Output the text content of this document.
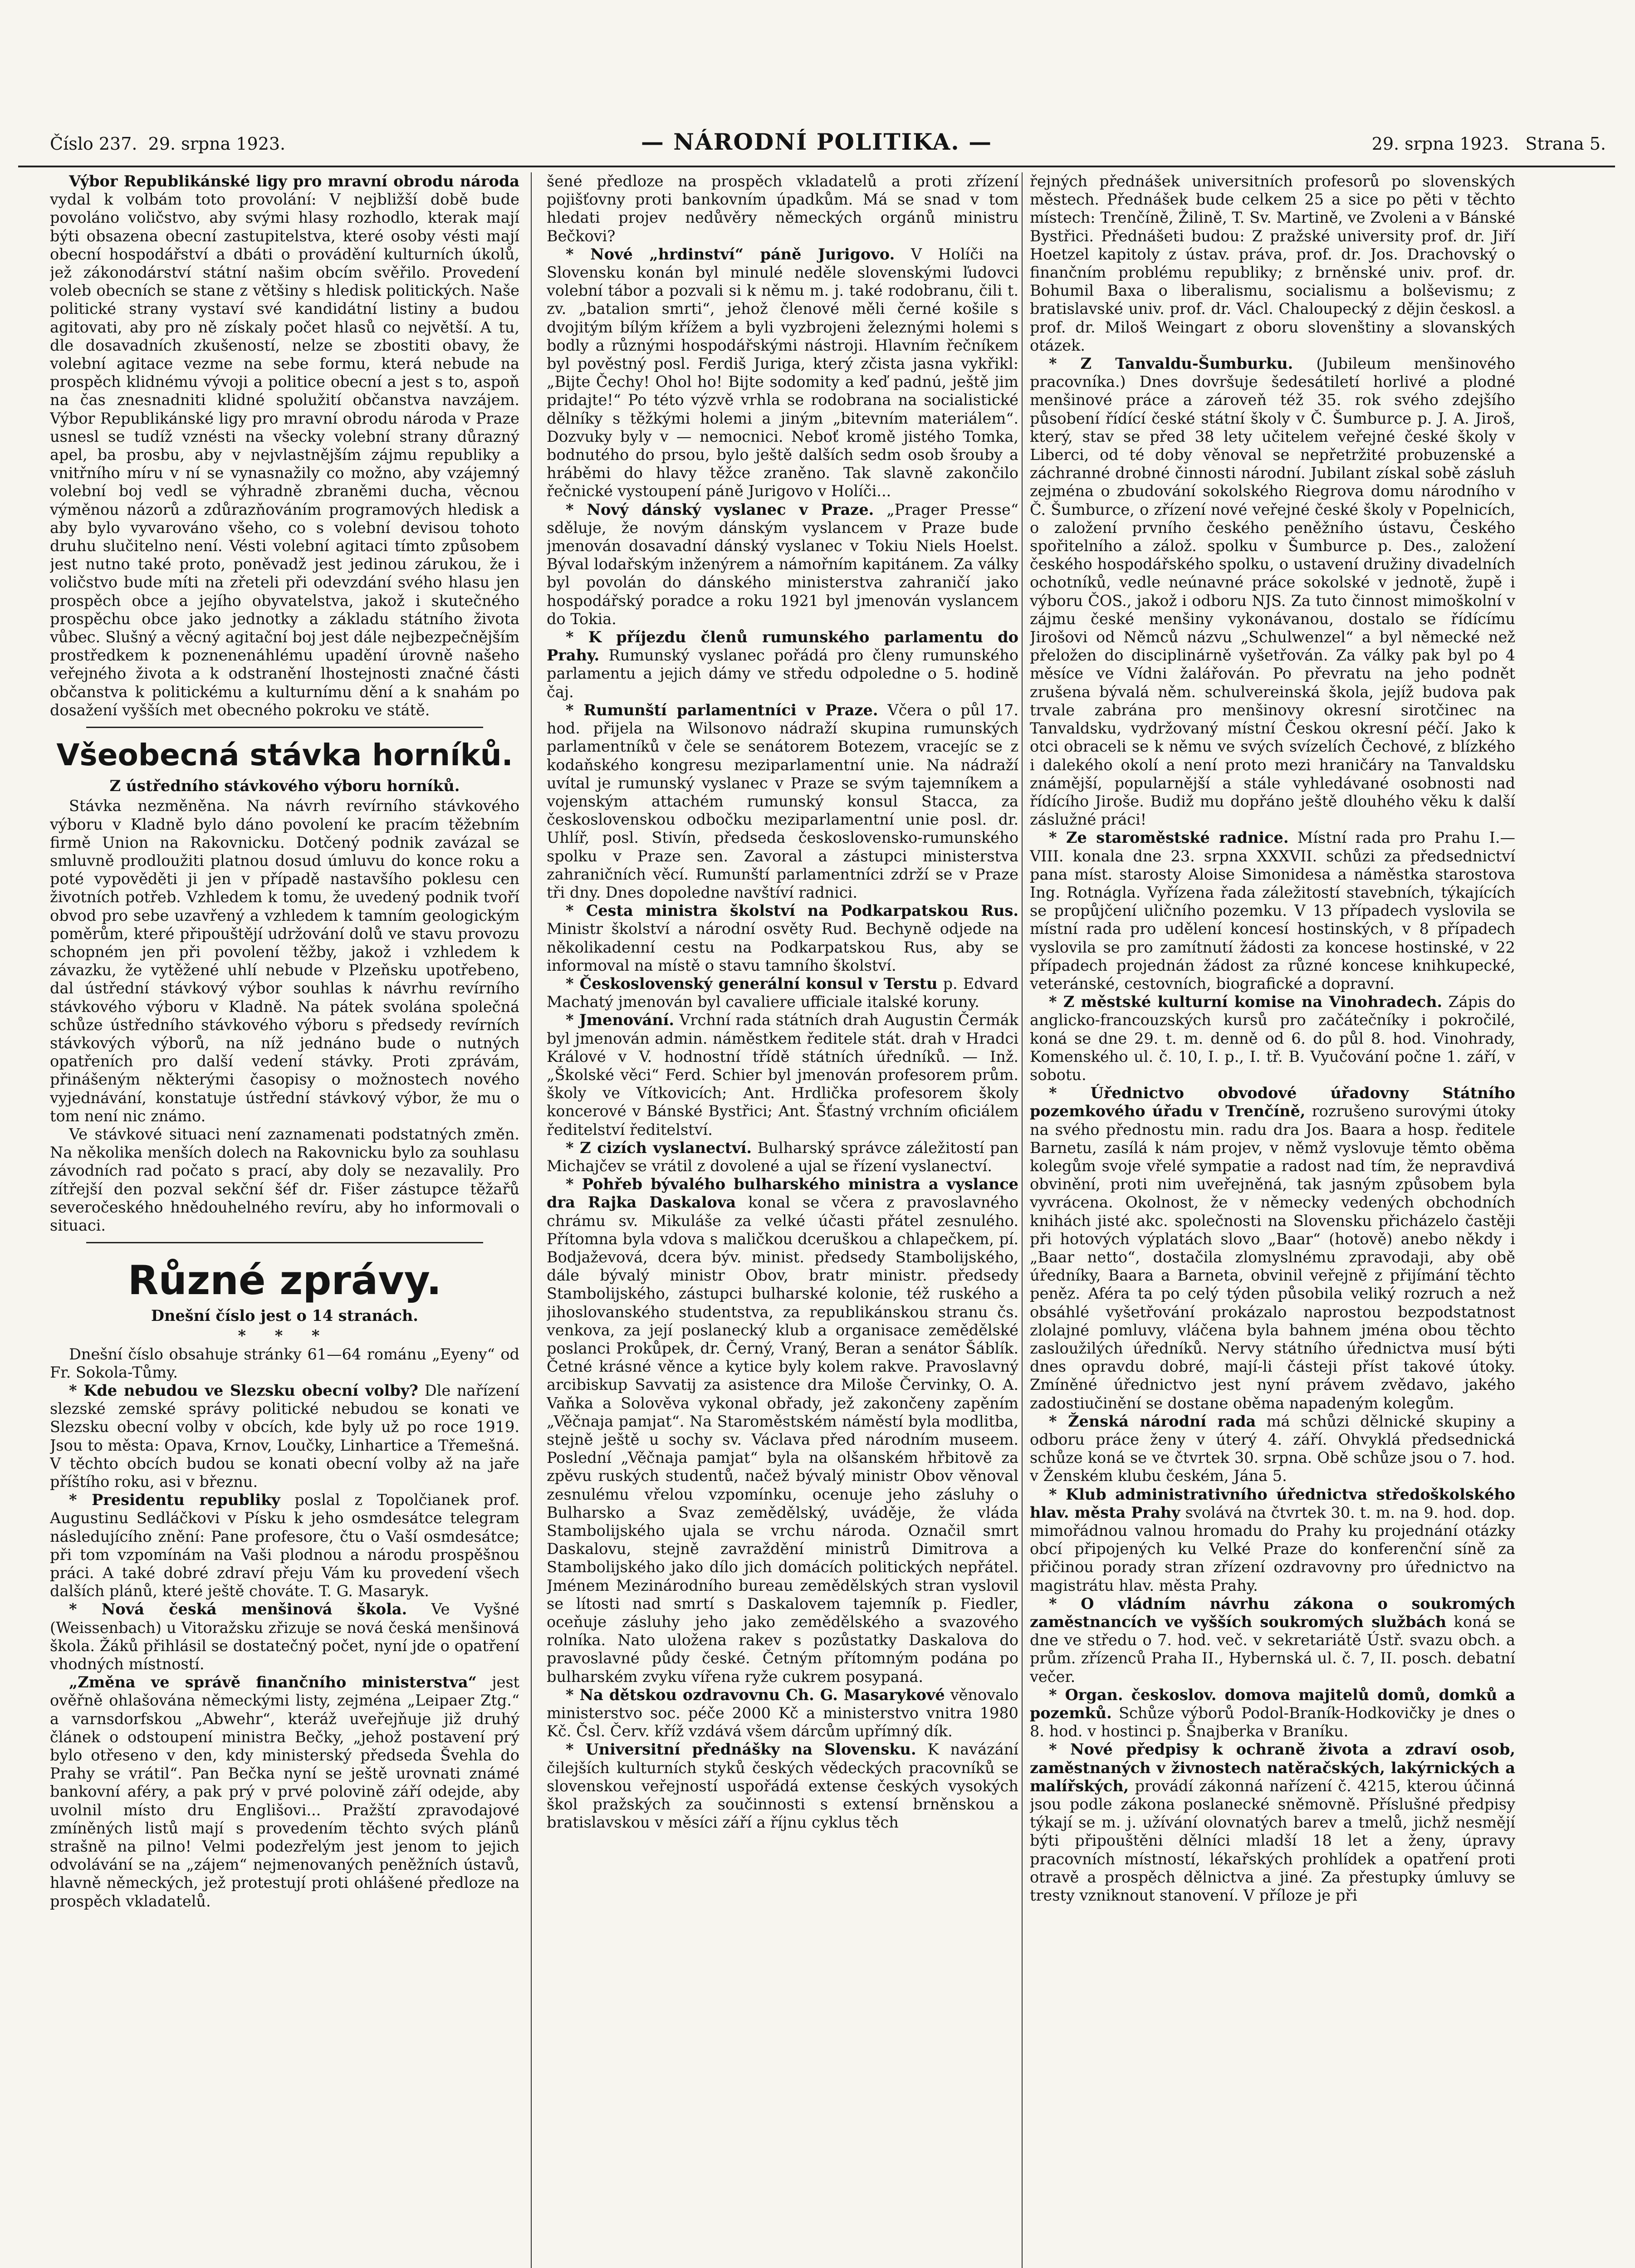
Číslo 237. 29. srpna 1923.	— NÁRODNÍ POLITIKA. —	29. srpna 1923. Strana 5.

Výbor Republikánské ligy pro mravní obrodu národa vydal k volbám toto provolání: V nejbližší době bude povoláno voličstvo, aby svými hlasy rozhodlo, kterak mají býti obsazena obecní zastupitelstva, které osoby vésti mají obecní hospodářství a dbáti o provádění kulturních úkolů, jež zákonodárství státní našim obcím svěřilo. Provedení voleb obecních se stane z většiny s hledisk politických. Naše politické strany vystaví své kandidátní listiny a budou agitovati, aby pro ně získaly počet hlasů co největší. A tu, dle dosavadních zkušeností, nelze se zbostiti obavy, že volební agitace vezme na sebe formu, která nebude na prospěch klidnému vývoji a politice obecní a jest s to, aspoň na čas znesnadniti klidné spolužití občanstva navzájem. Výbor Republikánské ligy pro mravní obrodu národa v Praze usnesl se tudíž vznésti na všecky volební strany důrazný apel, ba prosbu, aby v nejvlastnějším zájmu republiky a vnitřního míru v ní se vynasnažily co možno, aby vzájemný volební boj vedl se výhradně zbraněmi ducha, věcnou výměnou názorů a zdůrazňováním programových hledisk a aby bylo vyvarováno všeho, co s volební devisou tohoto druhu slučitelno není. Vésti volební agitaci tímto způsobem jest nutno také proto, poněvadž jest jedinou zárukou, že i voličstvo bude míti na zřeteli při odevzdání svého hlasu jen prospěch obce a jejího obyvatelstva, jakož i skutečného prospěchu obce jako jednotky a základu státního života vůbec. Slušný a věcný agitační boj jest dále nejbezpečnějším prostředkem k poznenenáhlému upadění úrovně našeho veřejného života a k odstranění lhostejnosti značné části občanstva k politickému a kulturnímu dění a k snahám po dosažení vyšších met obecného pokroku ve státě.

Všeobecná stávka horníků.

Z ústředního stávkového výboru horníků.

Stávka nezměněna. Na návrh revírního stávkového výboru v Kladně bylo dáno povolení ke pracím těžebním firmě Union na Rakovnicku. Dotčený podnik zavázal se smluvně prodloužiti platnou dosud úmluvu do konce roku a poté vypověděti ji jen v případě nastavšího poklesu cen životních potřeb. Vzhledem k tomu, že uvedený podnik tvoří obvod pro sebe uzavřený a vzhledem k tamním geologickým poměrům, které připouštějí udržování dolů ve stavu provozu schopném jen při povolení těžby, jakož i vzhledem k závazku, že vytěžené uhlí nebude v Plzeňsku upotřebeno, dal ústřední stávkový výbor souhlas k návrhu revírního stávkového výboru v Kladně. Na pátek svolána společná schůze ústředního stávkového výboru s předsedy revírních stávkových výborů, na níž jednáno bude o nutných opatřeních pro další vedení stávky. Proti zprávám, přinášeným některými časopisy o možnostech nového vyjednávání, konstatuje ústřední stávkový výbor, že mu o tom není nic známo.

Ve stávkové situaci není zaznamenati podstatných změn. Na několika menších dolech na Rakovnicku bylo za souhlasu závodních rad počato s prací, aby doly se nezavalily. Pro zítřejší den pozval sekční šéf dr. Fišer zástupce těžařů severočeského hnědouhelného revíru, aby ho informovali o situaci.

Různé zprávy.

Dnešní číslo jest o 14 stranách.

* * *

Dnešní číslo obsahuje stránky 61—64 románu „Eyeny“ od Fr. Sokola-Tůmy.

* Kde nebudou ve Slezsku obecní volby? Dle nařízení slezské zemské správy politické nebudou se konati ve Slezsku obecní volby v obcích, kde byly už po roce 1919. Jsou to města: Opava, Krnov, Loučky, Linhartice a Třemešná. V těchto obcích budou se konati obecní volby až na jaře příštího roku, asi v březnu.

* Presidentu republiky poslal z Topolčianek prof. Augustinu Sedláčkovi v Písku k jeho osmdesátce telegram následujícího znění: Pane profesore, čtu o Vaší osmdesátce; při tom vzpomínám na Vaši plodnou a národu prospěšnou práci. A také dobré zdraví přeju Vám ku provedení všech dalších plánů, které ještě chováte. T. G. Masaryk.

* Nová česká menšinová škola. Ve Vyšné (Weissenbach) u Vitoražsku zřizuje se nová česká menšinová škola. Žáků přihlásil se dostatečný počet, nyní jde o opatření vhodných místností.

„Změna ve správě finančního ministerstva“ jest ověřně ohlašována německými listy, zejména „Leipaer Ztg.“ a varnsdorfskou „Abwehr“, kteráž uveřejňuje již druhý článek o odstoupení ministra Bečky, „jehož postavení prý bylo otřeseno v den, kdy ministerský předseda Švehla do Prahy se vrátil“. Pan Bečka nyní se ještě urovnati známé bankovní aféry, a pak prý v prvé polovině září odejde, aby uvolnil místo dru Englišovi... Pražští zpravodajové zmíněných listů mají s provedením těchto svých plánů strašně na pilno! Velmi podezřelým jest jenom to jejich odvolávání se na „zájem“ nejmenovaných peněžních ústavů, hlavně německých, jež protestují proti ohlášené předloze na prospěch vkladatelů.

šené předloze na prospěch vkladatelů a proti zřízení pojišťovny proti bankovním úpadkům. Má se snad v tom hledati projev nedůvěry německých orgánů ministru Bečkovi?

* Nové „hrdinství“ páně Jurigovo. V Holíči na Slovensku konán byl minulé neděle slovenskými ľudovci volební tábor a pozvali si k němu m. j. také rodobranu, čili t. zv. „batalion smrti“, jehož členové měli černé košile s dvojitým bílým křížem a byli vyzbrojeni železnými holemi s bodly a různými hospodářskými nástroji. Hlavním řečníkem byl pověstný posl. Ferdiš Juriga, který zčista jasna vykřikl: „Bijte Čechy! Ohol ho! Bijte sodomity a keď padnú, ještě jim pridajte!“ Po této výzvě vrhla se rodobrana na socialistické dělníky s těžkými holemi a jiným „bitevním materiálem“. Dozvuky byly v — nemocnici. Neboť kromě jistého Tomka, bodnutého do prsou, bylo ještě dalších sedm osob šrouby a hráběmi do hlavy těžce zraněno. Tak slavně zakončilo řečnické vystoupení páně Jurigovo v Holíči...

* Nový dánský vyslanec v Praze. „Prager Presse“ sděluje, že novým dánským vyslancem v Praze bude jmenován dosavadní dánský vyslanec v Tokiu Niels Hoelst. Býval lodařským inženýrem a námořním kapitánem. Za války byl povolán do dánského ministerstva zahraničí jako hospodářský poradce a roku 1921 byl jmenován vyslancem do Tokia.

* K příjezdu členů rumunského parlamentu do Prahy. Rumunský vyslanec pořádá pro členy rumunského parlamentu a jejich dámy ve středu odpoledne o 5. hodině čaj.

* Rumunští parlamentníci v Praze. Včera o půl 17. hod. přijela na Wilsonovo nádraží skupina rumunských parlamentníků v čele se senátorem Botezem, vracejíc se z kodaňského kongresu meziparlamentní unie. Na nádraží uvítal je rumunský vyslanec v Praze se svým tajemníkem a vojenským attachém rumunský konsul Stacca, za československou odbočku meziparlamentní unie posl. dr. Uhlíř, posl. Stivín, předseda československo-rumunského spolku v Praze sen. Zavoral a zástupci ministerstva zahraničních věcí. Rumunští parlamentníci zdrží se v Praze tři dny. Dnes dopoledne navštíví radnici.

* Cesta ministra školství na Podkarpatskou Rus. Ministr školství a národní osvěty Rud. Bechyně odjede na několikadenní cestu na Podkarpatskou Rus, aby se informoval na místě o stavu tamního školství.

* Československý generální konsul v Terstu p. Edvard Machatý jmenován byl cavaliere ufficiale italské koruny.

* Jmenování. Vrchní rada státních drah Augustin Čermák byl jmenován admin. náměstkem ředitele stát. drah v Hradci Králové v V. hodnostní třídě státních úředníků. — Inž. „Školské věci“ Ferd. Schier byl jmenován profesorem prům. školy ve Vítkovicích; Ant. Hrdlička profesorem školy koncerové v Bánské Bystřici; Ant. Šťastný vrchním oficiálem ředitelství ředitelství.

* Z cizích vyslanectví. Bulharský správce záležitostí pan Michajčev se vrátil z dovolené a ujal se řízení vyslanectví.

* Pohřeb bývalého bulharského ministra a vyslance dra Rajka Daskalova konal se včera z pravoslavného chrámu sv. Mikuláše za velké účasti přátel zesnulého. Přítomna byla vdova s maličkou dceruškou a chlapečkem, pí. Bodjaževová, dcera býv. minist. předsedy Stambolijského, dále bývalý ministr Obov, bratr ministr. předsedy Stambolijského, zástupci bulharské kolonie, též ruského a jihoslovanského studentstva, za republikánskou stranu čs. venkova, za její poslanecký klub a organisace zemědělské poslanci Prokůpek, dr. Černý, Vraný, Beran a senátor Šáblík. Četné krásné věnce a kytice byly kolem rakve. Pravoslavný arcibiskup Savvatij za asistence dra Miloše Červinky, O. A. Vaňka a Solověva vykonal obřady, jež zakončeny zapěním „Věčnaja pamjat“. Na Staroměstském náměstí byla modlitba, stejně ještě u sochy sv. Václava před národním museem. Poslední „Věčnaja pamjat“ byla na olšanském hřbitově za zpěvu ruských studentů, načež bývalý ministr Obov věnoval zesnulému vřelou vzpomínku, ocenuje jeho zásluhy o Bulharsko a Svaz zemědělský, uváděje, že vláda Stambolijského ujala se vrchu národa. Označil smrt Daskalovu, stejně zavraždění ministrů Dimitrova a Stambolijského jako dílo jich domácích politických nepřátel. Jménem Mezinárodního bureau zemědělských stran vyslovil se lítosti nad smrtí s Daskalovem tajemník p. Fiedler, oceňuje zásluhy jeho jako zemědělského a svazového rolníka. Nato uložena rakev s pozůstatky Daskalova do pravoslavné půdy české. Četným přítomným podána po bulharském zvyku vířena ryže cukrem posypaná.

* Na dětskou ozdravovnu Ch. G. Masarykové věnovalo ministerstvo soc. péče 2000 Kč a ministerstvo vnitra 1980 Kč. Čsl. Červ. kříž vzdává všem dárcům upřímný dík.

* Universitní přednášky na Slovensku. K navázání čilejších kulturních styků českých vědeckých pracovníků se slovenskou veřejností uspořádá extense českých vysokých škol pražských za součinnosti s extensí brněnskou a bratislavskou v měsíci září a říjnu cyklus těch

řejných přednášek universitních profesorů po slovenských městech. Přednášek bude celkem 25 a sice po pěti v těchto místech: Trenčíně, Žilině, T. Sv. Martině, ve Zvoleni a v Bánské Bystřici. Přednášeti budou: Z pražské university prof. dr. Jiří Hoetzel kapitoly z ústav. práva, prof. dr. Jos. Drachovský o finančním problému republiky; z brněnské univ. prof. dr. Bohumil Baxa o liberalismu, socialismu a bolševismu; z bratislavské univ. prof. dr. Václ. Chaloupecký z dějin českosl. a prof. dr. Miloš Weingart z oboru slovenštiny a slovanských otázek.

* Z Tanvaldu-Šumburku. (Jubileum menšinového pracovníka.) Dnes dovršuje šedesátiletí horlivé a plodné menšinové práce a zároveň též 35. rok svého zdejšího působení řídící české státní školy v Č. Šumburce p. J. A. Jiroš, který, stav se před 38 lety učitelem veřejné české školy v Liberci, od té doby věnoval se nepřetržité probuzenské a záchranné drobné činnosti národní. Jubilant získal sobě zásluh zejména o zbudování sokolského Riegrova domu národního v Č. Šumburce, o zřízení nové veřejné české školy v Popelnicích, o založení prvního českého peněžního ústavu, Českého spořitelního a zálož. spolku v Šumburce p. Des., založení českého hospodářského spolku, o ustavení družiny divadelních ochotníků, vedle neúnavné práce sokolské v jednotě, župě i výboru ČOS., jakož i odboru NJS. Za tuto činnost mimoškolní v zájmu české menšiny vykonávanou, dostalo se řídícímu Jirošovi od Němců názvu „Schulwenzel“ a byl německé než přeložen do disciplinárně vyšetřován. Za války pak byl po 4 měsíce ve Vídni žalářován. Po převratu na jeho podnět zrušena bývalá něm. schulvereinská škola, jejíž budova pak trvale zabrána pro menšinovy okresní sirotčinec na Tanvaldsku, vydržovaný místní Českou okresní péčí. Jako k otci obraceli se k němu ve svých svízelích Čechové, z blízkého i dalekého okolí a není proto mezi hraničáry na Tanvaldsku známější, popularnější a stále vyhledávané osobnosti nad řídícího Jiroše. Budiž mu dopřáno ještě dlouhého věku k další záslužné práci!

* Ze staroměstské radnice. Místní rada pro Prahu I.—VIII. konala dne 23. srpna XXXVII. schůzi za předsednictví pana míst. starosty Aloise Simonidesa a náměstka starostova Ing. Rotnágla. Vyřízena řada záležitostí stavebních, týkajících se propůjčení uličního pozemku. V 13 případech vyslovila se místní rada pro udělení koncesí hostinských, v 8 případech vyslovila se pro zamítnutí žádosti za koncese hostinské, v 22 případech projednán žádost za různé koncese knihkupecké, veteránské, cestovních, biografické a dopravní.

* Z městské kulturní komise na Vinohradech. Zápis do anglicko-francouzských kursů pro začátečníky i pokročilé, koná se dne 29. t. m. denně od 6. do půl 8. hod. Vinohrady, Komenského ul. č. 10, I. p., I. tř. B. Vyučování počne 1. září, v sobotu.

* Úřednictvo obvodové úřadovny Státního pozemkového úřadu v Trenčíně, rozrušeno surovými útoky na svého přednostu min. radu dra Jos. Baara a hosp. ředitele Barnetu, zasílá k nám projev, v němž vyslovuje těmto oběma kolegům svoje vřelé sympatie a radost nad tím, že nepravdivá obvinění, proti nim uveřejněná, tak jasným způsobem byla vyvrácena. Okolnost, že v německy vedených obchodních knihách jisté akc. společnosti na Slovensku přicházelo častěji při hotových výplatách slovo „Baar“ (hotově) anebo někdy i „Baar netto“, dostačila zlomyslnému zpravodaji, aby obě úředníky, Baara a Barneta, obvinil veřejně z přijímání těchto peněz. Aféra ta po celý týden působila veliký rozruch a než obsáhlé vyšetřování prokázalo naprostou bezpodstatnost zlolajné pomluvy, vláčena byla bahnem jména obou těchto zasloužilých úředníků. Nervy státního úřednictva musí býti dnes opravdu dobré, mají-li částeji příst takové útoky. Zmíněné úřednictvo jest nyní právem zvědavo, jakého zadostiučinění se dostane oběma napadeným kolegům.

* Ženská národní rada má schůzi dělnické skupiny a odboru práce ženy v úterý 4. září. Ohvyklá předsednická schůze koná se ve čtvrtek 30. srpna. Obě schůze jsou o 7. hod. v Ženském klubu českém, Jána 5.

* Klub administrativního úřednictva středoškolského hlav. města Prahy svolává na čtvrtek 30. t. m. na 9. hod. dop. mimořádnou valnou hromadu do Prahy ku projednání otázky obcí připojených ku Velké Praze do konferenční síně za přičinou porady stran zřízení ozdravovny pro úřednictvo na magistrátu hlav. města Prahy.

* O vládním návrhu zákona o soukromých zaměstnancích ve vyšších soukromých službách koná se dne ve středu o 7. hod. več. v sekretariátě Ústř. svazu obch. a prům. zřízenců Praha II., Hybernská ul. č. 7, II. posch. debatní večer.

* Organ. českoslov. domova majitelů domů, domků a pozemků. Schůze výborů Podol-Braník-Hodkovičky je dnes o 8. hod. v hostinci p. Šnajberka v Braníku.

* Nové předpisy k ochraně života a zdraví osob, zaměstnaných v živnostech natěračských, lakýrnických a malířských, provádí zákonná nařízení č. 4215, kterou účinná jsou podle zákona poslanecké sněmovně. Příslušné předpisy týkají se m. j. užívání olovnatých barev a tmelů, jichž nesmějí býti připouštěni dělníci mladší 18 let a ženy, úpravy pracovních místností, lékařských prohlídek a opatření proti otravě a prospěch dělnictva a jiné. Za přestupky úmluvy se tresty vzniknout stanovení. V příloze je při
